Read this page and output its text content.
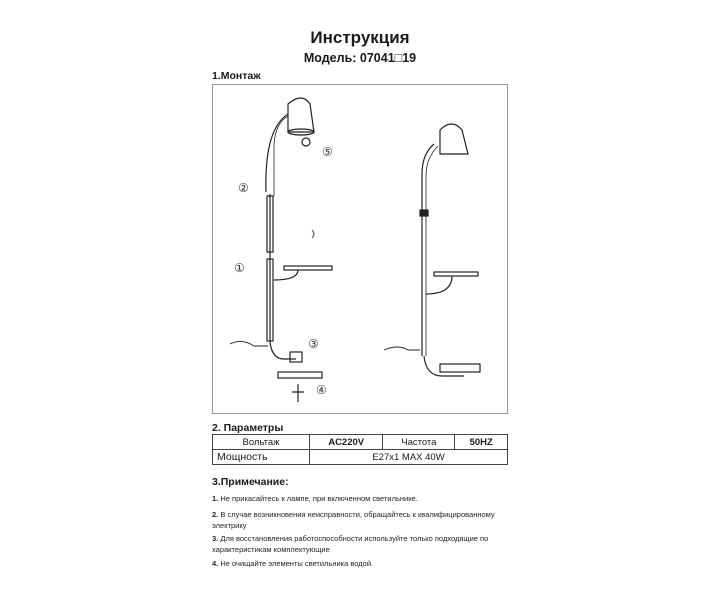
Инструкция
Модель: 07041□19
1.Монтаж
②
①
③
④
⑤
2. Параметры
Вольтаж	AC220V	Частота	50HZ
Мощность	E27x1 MAX 40W		
3.Примечание:
1. Не прикасайтесь к лампе, при включенном светильнике.
2. В случае возникновения неисправности, обращайтесь к квалифицированному электрику
3. Для восстановления работоспособности используйте только подходящие по характеристикам комплектующие
4. Не очищайте элементы светильника водой.
